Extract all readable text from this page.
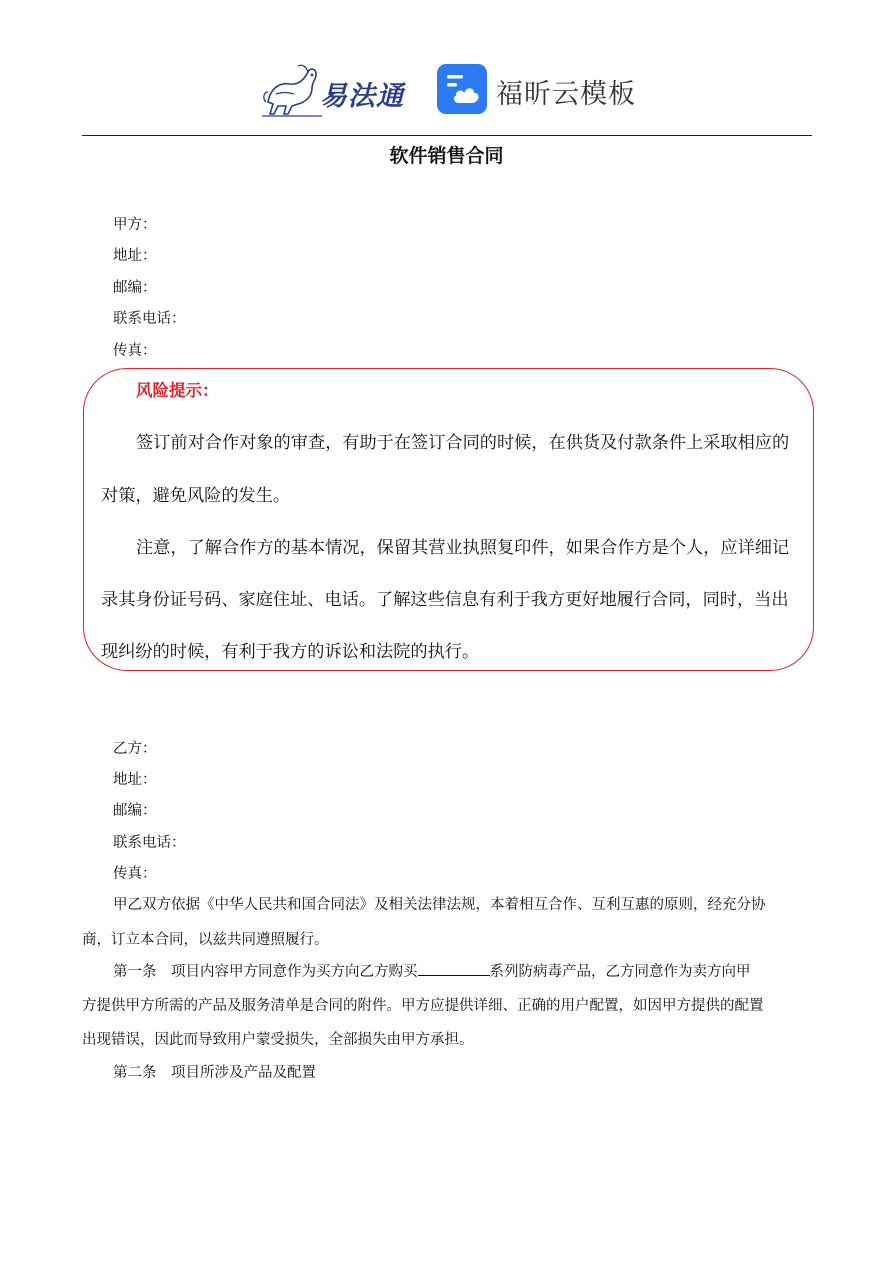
易法通	福昕云模板
软件销售合同
甲方：
地址：
邮编：
联系电话：
传真：
风险提示：
签订前对合作对象的审查，有助于在签订合同的时候，在供货及付款条件上采取相应的
对策，避免风险的发生。
注意，了解合作方的基本情况，保留其营业执照复印件，如果合作方是个人，应详细记
录其身份证号码、家庭住址、电话。了解这些信息有利于我方更好地履行合同，同时，当出
现纠纷的时候，有利于我方的诉讼和法院的执行。
乙方：
地址：
邮编：
联系电话：
传真：
甲乙双方依据《中华人民共和国合同法》及相关法律法规，本着相互合作、互利互惠的原则，经充分协
商，订立本合同，以兹共同遵照履行。
第一条　项目内容甲方同意作为买方向乙方购买	系列防病毒产品，乙方同意作为卖方向甲
方提供甲方所需的产品及服务清单是合同的附件。甲方应提供详细、正确的用户配置，如因甲方提供的配置
出现错误，因此而导致用户蒙受损失，全部损失由甲方承担。
第二条　项目所涉及产品及配置
